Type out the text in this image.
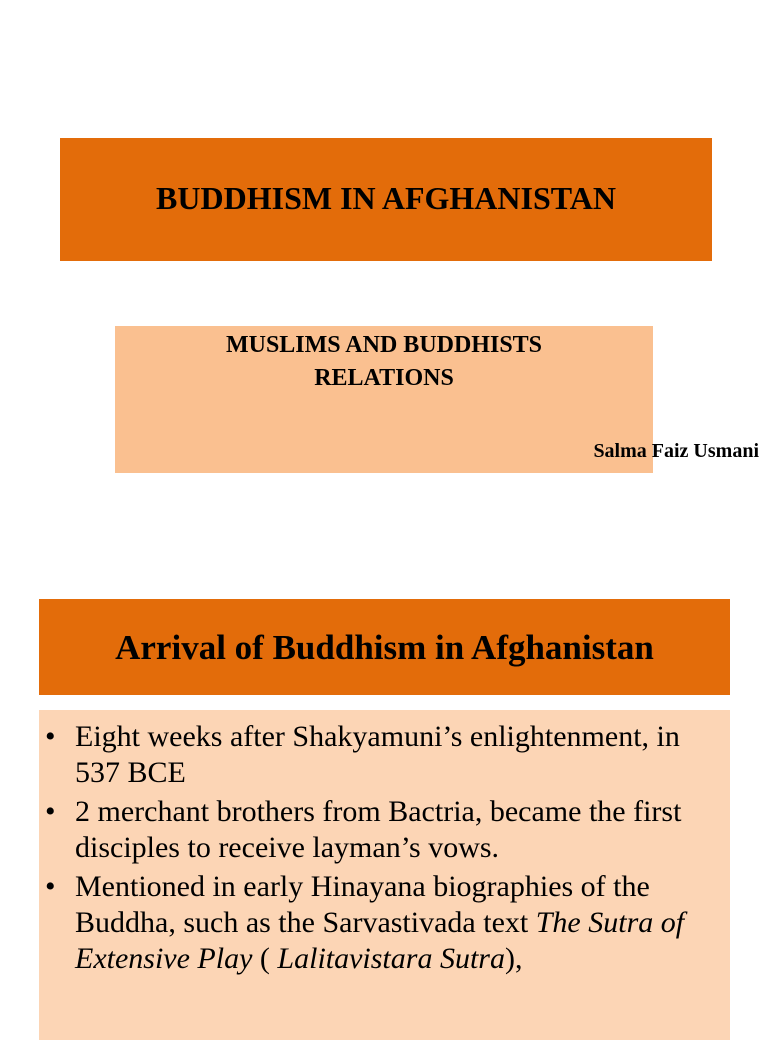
BUDDHISM IN AFGHANISTAN
MUSLIMS AND BUDDHISTS
RELATIONS
Salma Faiz Usmani
Arrival of Buddhism in Afghanistan
• Eight weeks after Shakyamuni’s enlightenment, in 537 BCE
• 2 merchant brothers from Bactria, became the first disciples to receive layman’s vows.
• Mentioned in early Hinayana biographies of the Buddha, such as the Sarvastivada text The Sutra of Extensive Play ( Lalitavistara Sutra),
